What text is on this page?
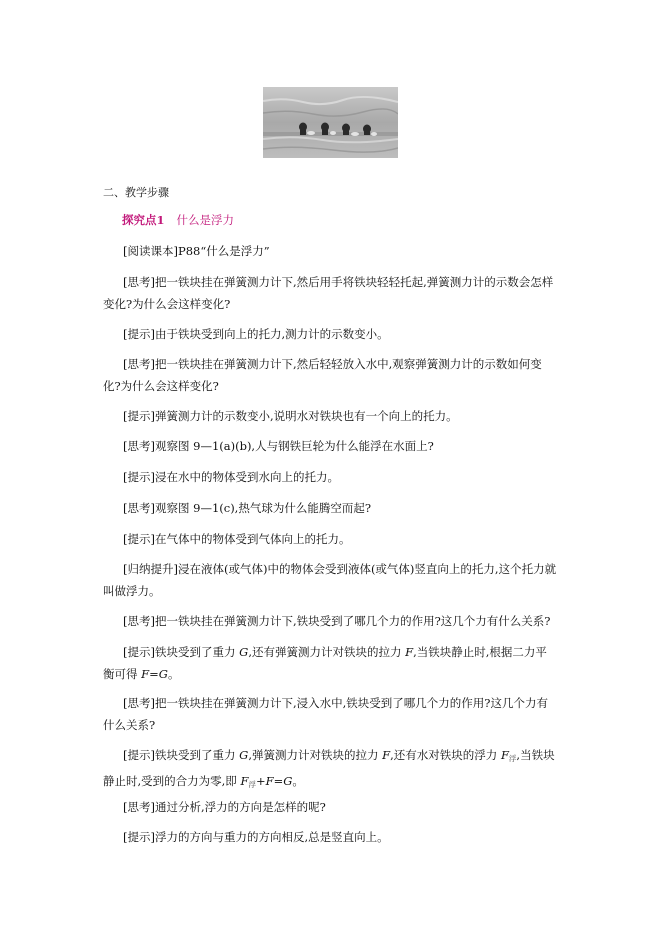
二、教学步骤
探究点1 什么是浮力
[阅读课本]P88“什么是浮力”
[思考]把一铁块挂在弹簧测力计下,然后用手将铁块轻轻托起,弹簧测力计的示数会怎样变化?为什么会这样变化?
[提示]由于铁块受到向上的托力,测力计的示数变小。
[思考]把一铁块挂在弹簧测力计下,然后轻轻放入水中,观察弹簧测力计的示数如何变化?为什么会这样变化?
[提示]弹簧测力计的示数变小,说明水对铁块也有一个向上的托力。
[思考]观察图 9—1(a)(b),人与钢铁巨轮为什么能浮在水面上?
[提示]浸在水中的物体受到水向上的托力。
[思考]观察图 9—1(c),热气球为什么能腾空而起?
[提示]在气体中的物体受到气体向上的托力。
[归纳提升]浸在液体(或气体)中的物体会受到液体(或气体)竖直向上的托力,这个托力就叫做浮力。
[思考]把一铁块挂在弹簧测力计下,铁块受到了哪几个力的作用?这几个力有什么关系?
[提示]铁块受到了重力 G,还有弹簧测力计对铁块的拉力 F,当铁块静止时,根据二力平衡可得 F=G。
[思考]把一铁块挂在弹簧测力计下,浸入水中,铁块受到了哪几个力的作用?这几个力有什么关系?
[提示]铁块受到了重力 G,弹簧测力计对铁块的拉力 F,还有水对铁块的浮力 $F_浮$,当铁块静止时,受到的合力为零,即 $F_浮+F=G$。
[思考]通过分析,浮力的方向是怎样的呢?
[提示]浮力的方向与重力的方向相反,总是竖直向上。
